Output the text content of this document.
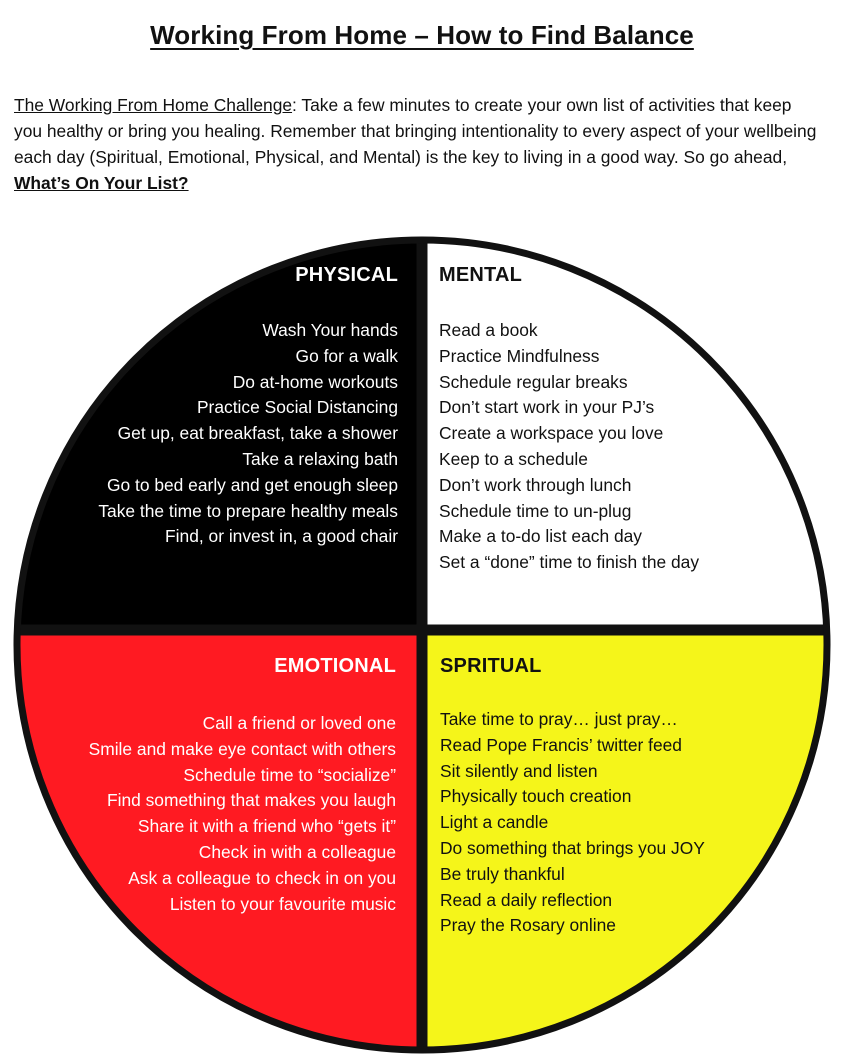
Working From Home – How to Find Balance
The Working From Home Challenge: Take a few minutes to create your own list of activities that keep you healthy or bring you healing. Remember that bringing intentionality to every aspect of your wellbeing each day (Spiritual, Emotional, Physical, and Mental) is the key to living in a good way. So go ahead, What’s On Your List?
PHYSICAL
Wash Your hands
Go for a walk
Do at-home workouts
Practice Social Distancing
Get up, eat breakfast, take a shower
Take a relaxing bath
Go to bed early and get enough sleep
Take the time to prepare healthy meals
Find, or invest in, a good chair
MENTAL
Read a book
Practice Mindfulness
Schedule regular breaks
Don’t start work in your PJ’s
Create a workspace you love
Keep to a schedule
Don’t work through lunch
Schedule time to un-plug
Make a to-do list each day
Set a “done” time to finish the day
EMOTIONAL
Call a friend or loved one
Smile and make eye contact with others
Schedule time to “socialize”
Find something that makes you laugh
Share it with a friend who “gets it”
Check in with a colleague
Ask a colleague to check in on you
Listen to your favourite music
SPRITUAL
Take time to pray… just pray…
Read Pope Francis’ twitter feed
Sit silently and listen
Physically touch creation
Light a candle
Do something that brings you JOY
Be truly thankful
Read a daily reflection
Pray the Rosary online
